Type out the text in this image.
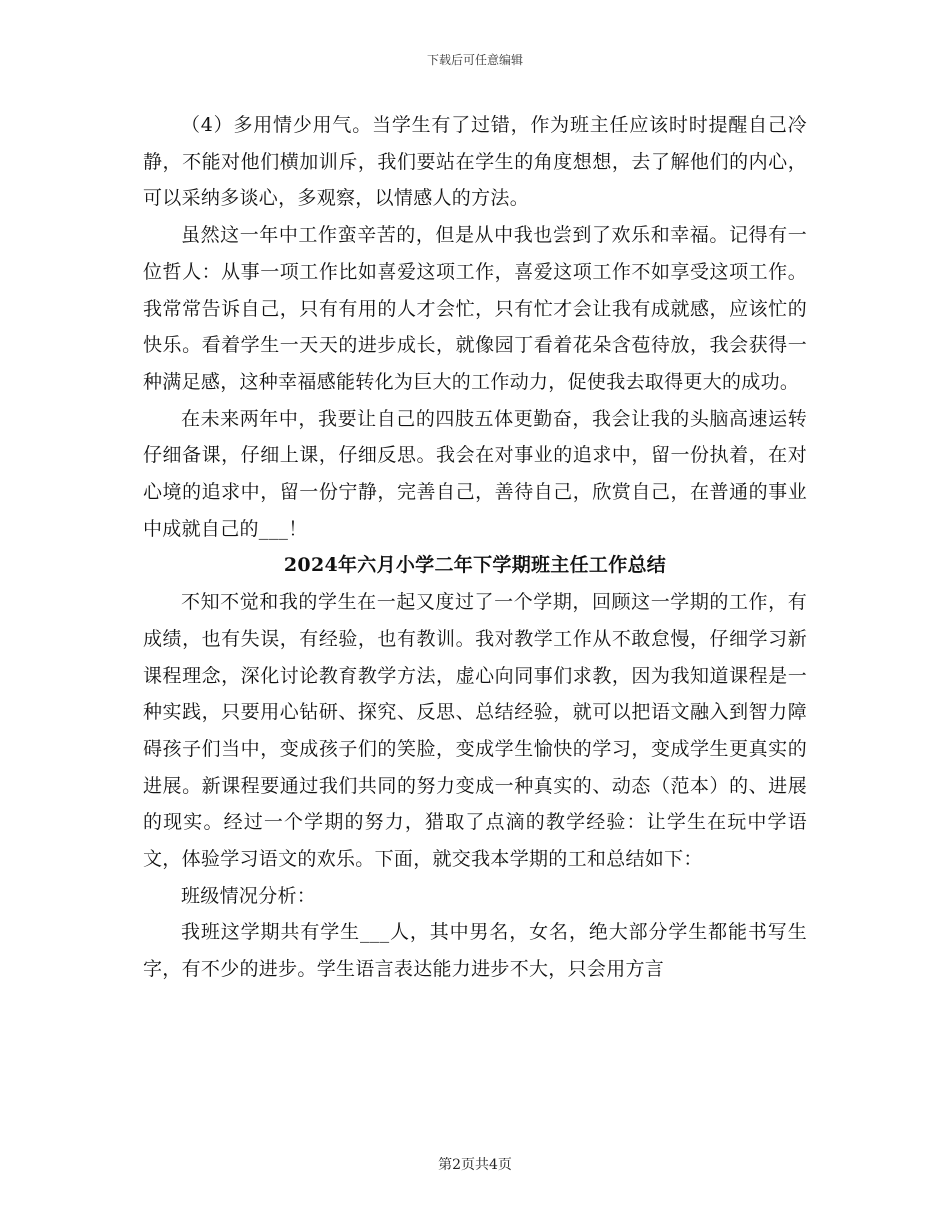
下载后可任意编辑

（4）多用情少用气。当学生有了过错，作为班主任应该时时提醒自己冷静，不能对他们横加训斥，我们要站在学生的角度想想，去了解他们的内心，可以采纳多谈心，多观察，以情感人的方法。

虽然这一年中工作蛮辛苦的，但是从中我也尝到了欢乐和幸福。记得有一位哲人：从事一项工作比如喜爱这项工作，喜爱这项工作不如享受这项工作。我常常告诉自己，只有有用的人才会忙，只有忙才会让我有成就感，应该忙的快乐。看着学生一天天的进步成长，就像园丁看着花朵含苞待放，我会获得一种满足感，这种幸福感能转化为巨大的工作动力，促使我去取得更大的成功。

在未来两年中，我要让自己的四肢五体更勤奋，我会让我的头脑高速运转仔细备课，仔细上课，仔细反思。我会在对事业的追求中，留一份执着，在对心境的追求中，留一份宁静，完善自己，善待自己，欣赏自己，在普通的事业中成就自己的___！

2024年六月小学二年下学期班主任工作总结

不知不觉和我的学生在一起又度过了一个学期，回顾这一学期的工作，有成绩，也有失误，有经验，也有教训。我对教学工作从不敢怠慢，仔细学习新课程理念，深化讨论教育教学方法，虚心向同事们求教，因为我知道课程是一种实践，只要用心钻研、探究、反思、总结经验，就可以把语文融入到智力障碍孩子们当中，变成孩子们的笑脸，变成学生愉快的学习，变成学生更真实的进展。新课程要通过我们共同的努力变成一种真实的、动态（范本）的、进展的现实。经过一个学期的努力，猎取了点滴的教学经验：让学生在玩中学语文，体验学习语文的欢乐。下面，就交我本学期的工和总结如下：

班级情况分析：

我班这学期共有学生___人，其中男名，女名，绝大部分学生都能书写生字，有不少的进步。学生语言表达能力进步不大，只会用方言

第2页共4页
